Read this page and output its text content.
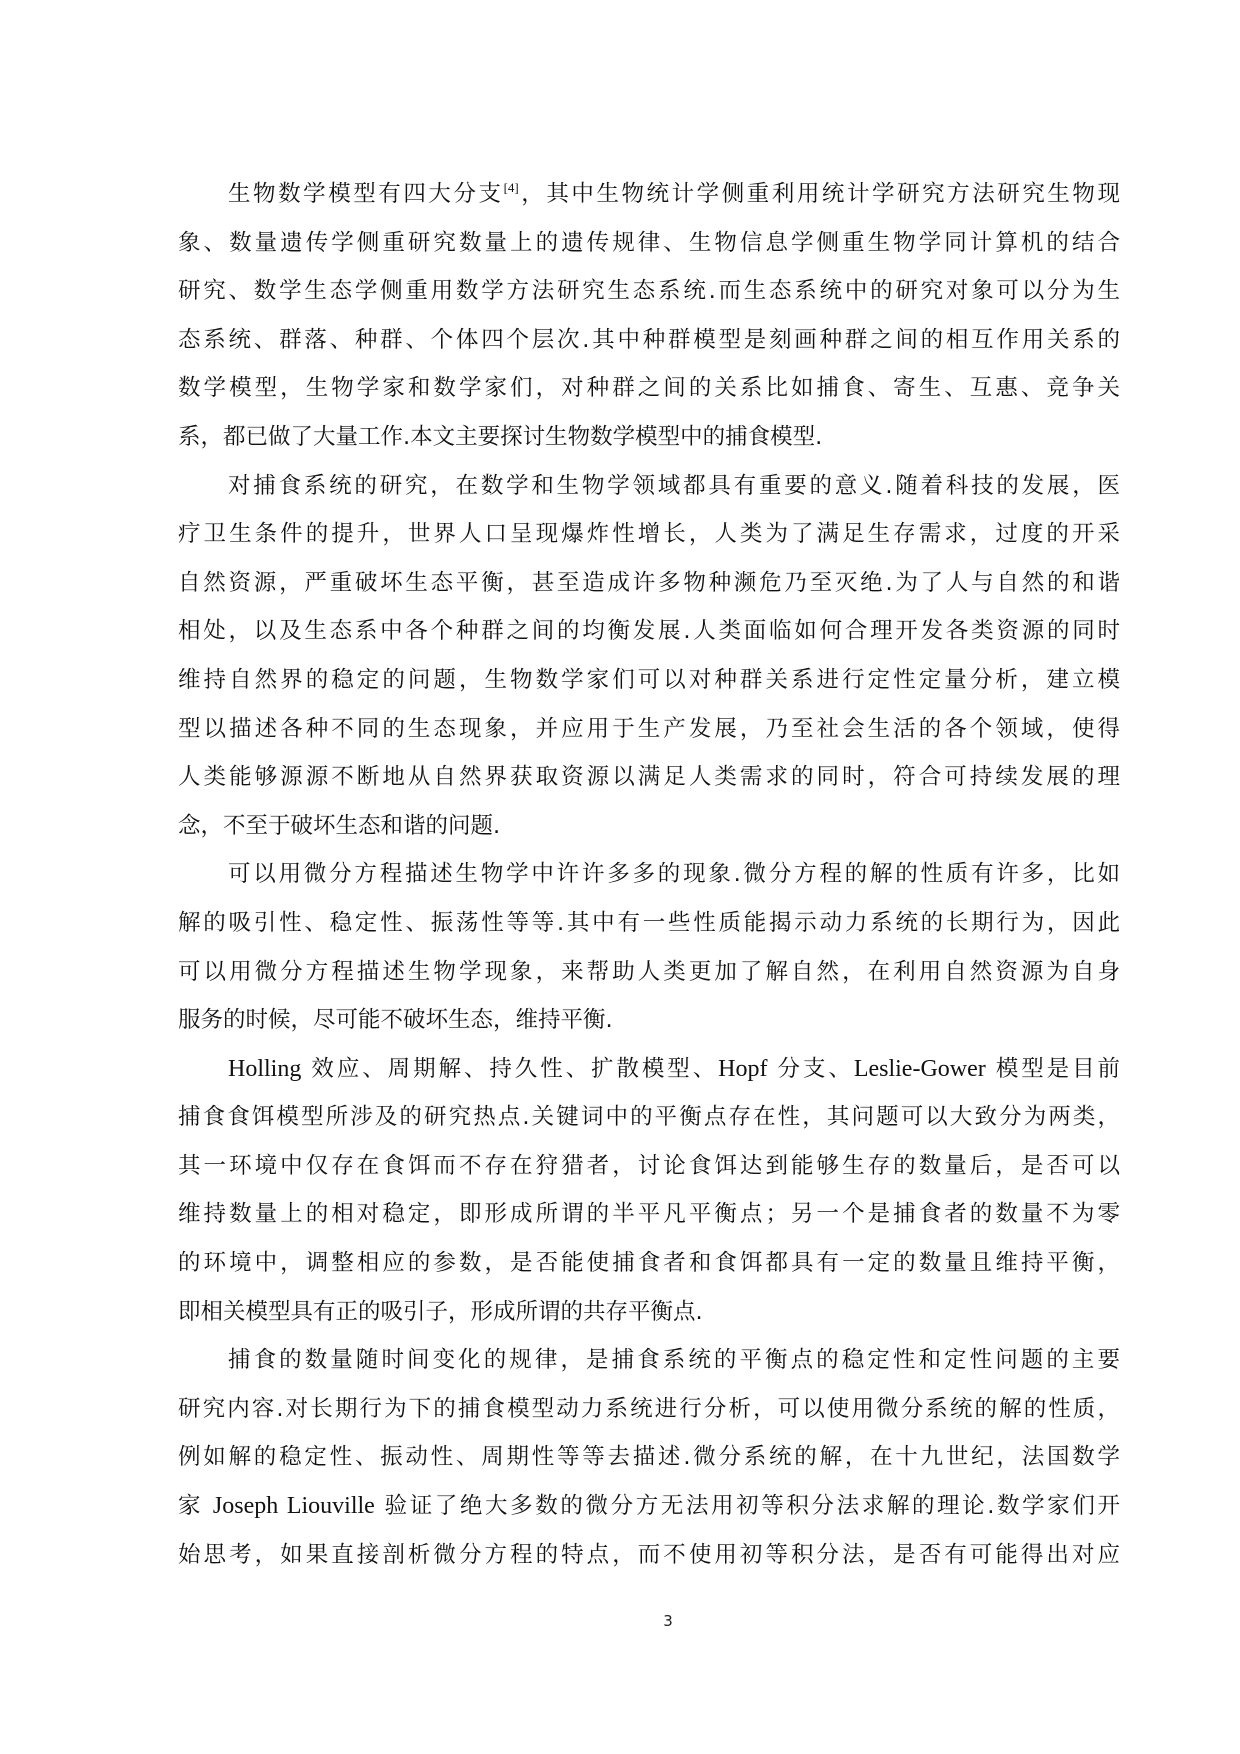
生物数学模型有四大分支[4]，其中生物统计学侧重利用统计学研究方法研究生物现
象、数量遗传学侧重研究数量上的遗传规律、生物信息学侧重生物学同计算机的结合
研究、数学生态学侧重用数学方法研究生态系统.而生态系统中的研究对象可以分为生
态系统、群落、种群、个体四个层次.其中种群模型是刻画种群之间的相互作用关系的
数学模型，生物学家和数学家们，对种群之间的关系比如捕食、寄生、互惠、竞争关
系，都已做了大量工作.本文主要探讨生物数学模型中的捕食模型.
对捕食系统的研究，在数学和生物学领域都具有重要的意义.随着科技的发展，医
疗卫生条件的提升，世界人口呈现爆炸性增长，人类为了满足生存需求，过度的开采
自然资源，严重破坏生态平衡，甚至造成许多物种濒危乃至灭绝.为了人与自然的和谐
相处，以及生态系中各个种群之间的均衡发展.人类面临如何合理开发各类资源的同时
维持自然界的稳定的问题，生物数学家们可以对种群关系进行定性定量分析，建立模
型以描述各种不同的生态现象，并应用于生产发展，乃至社会生活的各个领域，使得
人类能够源源不断地从自然界获取资源以满足人类需求的同时，符合可持续发展的理
念，不至于破坏生态和谐的问题.
可以用微分方程描述生物学中许许多多的现象.微分方程的解的性质有许多，比如
解的吸引性、稳定性、振荡性等等.其中有一些性质能揭示动力系统的长期行为，因此
可以用微分方程描述生物学现象，来帮助人类更加了解自然，在利用自然资源为自身
服务的时候，尽可能不破坏生态，维持平衡.
Holling 效应、周期解、持久性、扩散模型、Hopf 分支、Leslie-Gower 模型是目前
捕食食饵模型所涉及的研究热点.关键词中的平衡点存在性，其问题可以大致分为两类，
其一环境中仅存在食饵而不存在狩猎者，讨论食饵达到能够生存的数量后，是否可以
维持数量上的相对稳定，即形成所谓的半平凡平衡点；另一个是捕食者的数量不为零
的环境中，调整相应的参数，是否能使捕食者和食饵都具有一定的数量且维持平衡，
即相关模型具有正的吸引子，形成所谓的共存平衡点.
捕食的数量随时间变化的规律，是捕食系统的平衡点的稳定性和定性问题的主要
研究内容.对长期行为下的捕食模型动力系统进行分析，可以使用微分系统的解的性质，
例如解的稳定性、振动性、周期性等等去描述.微分系统的解，在十九世纪，法国数学
家 Joseph Liouville 验证了绝大多数的微分方无法用初等积分法求解的理论.数学家们开
始思考，如果直接剖析微分方程的特点，而不使用初等积分法，是否有可能得出对应
3
